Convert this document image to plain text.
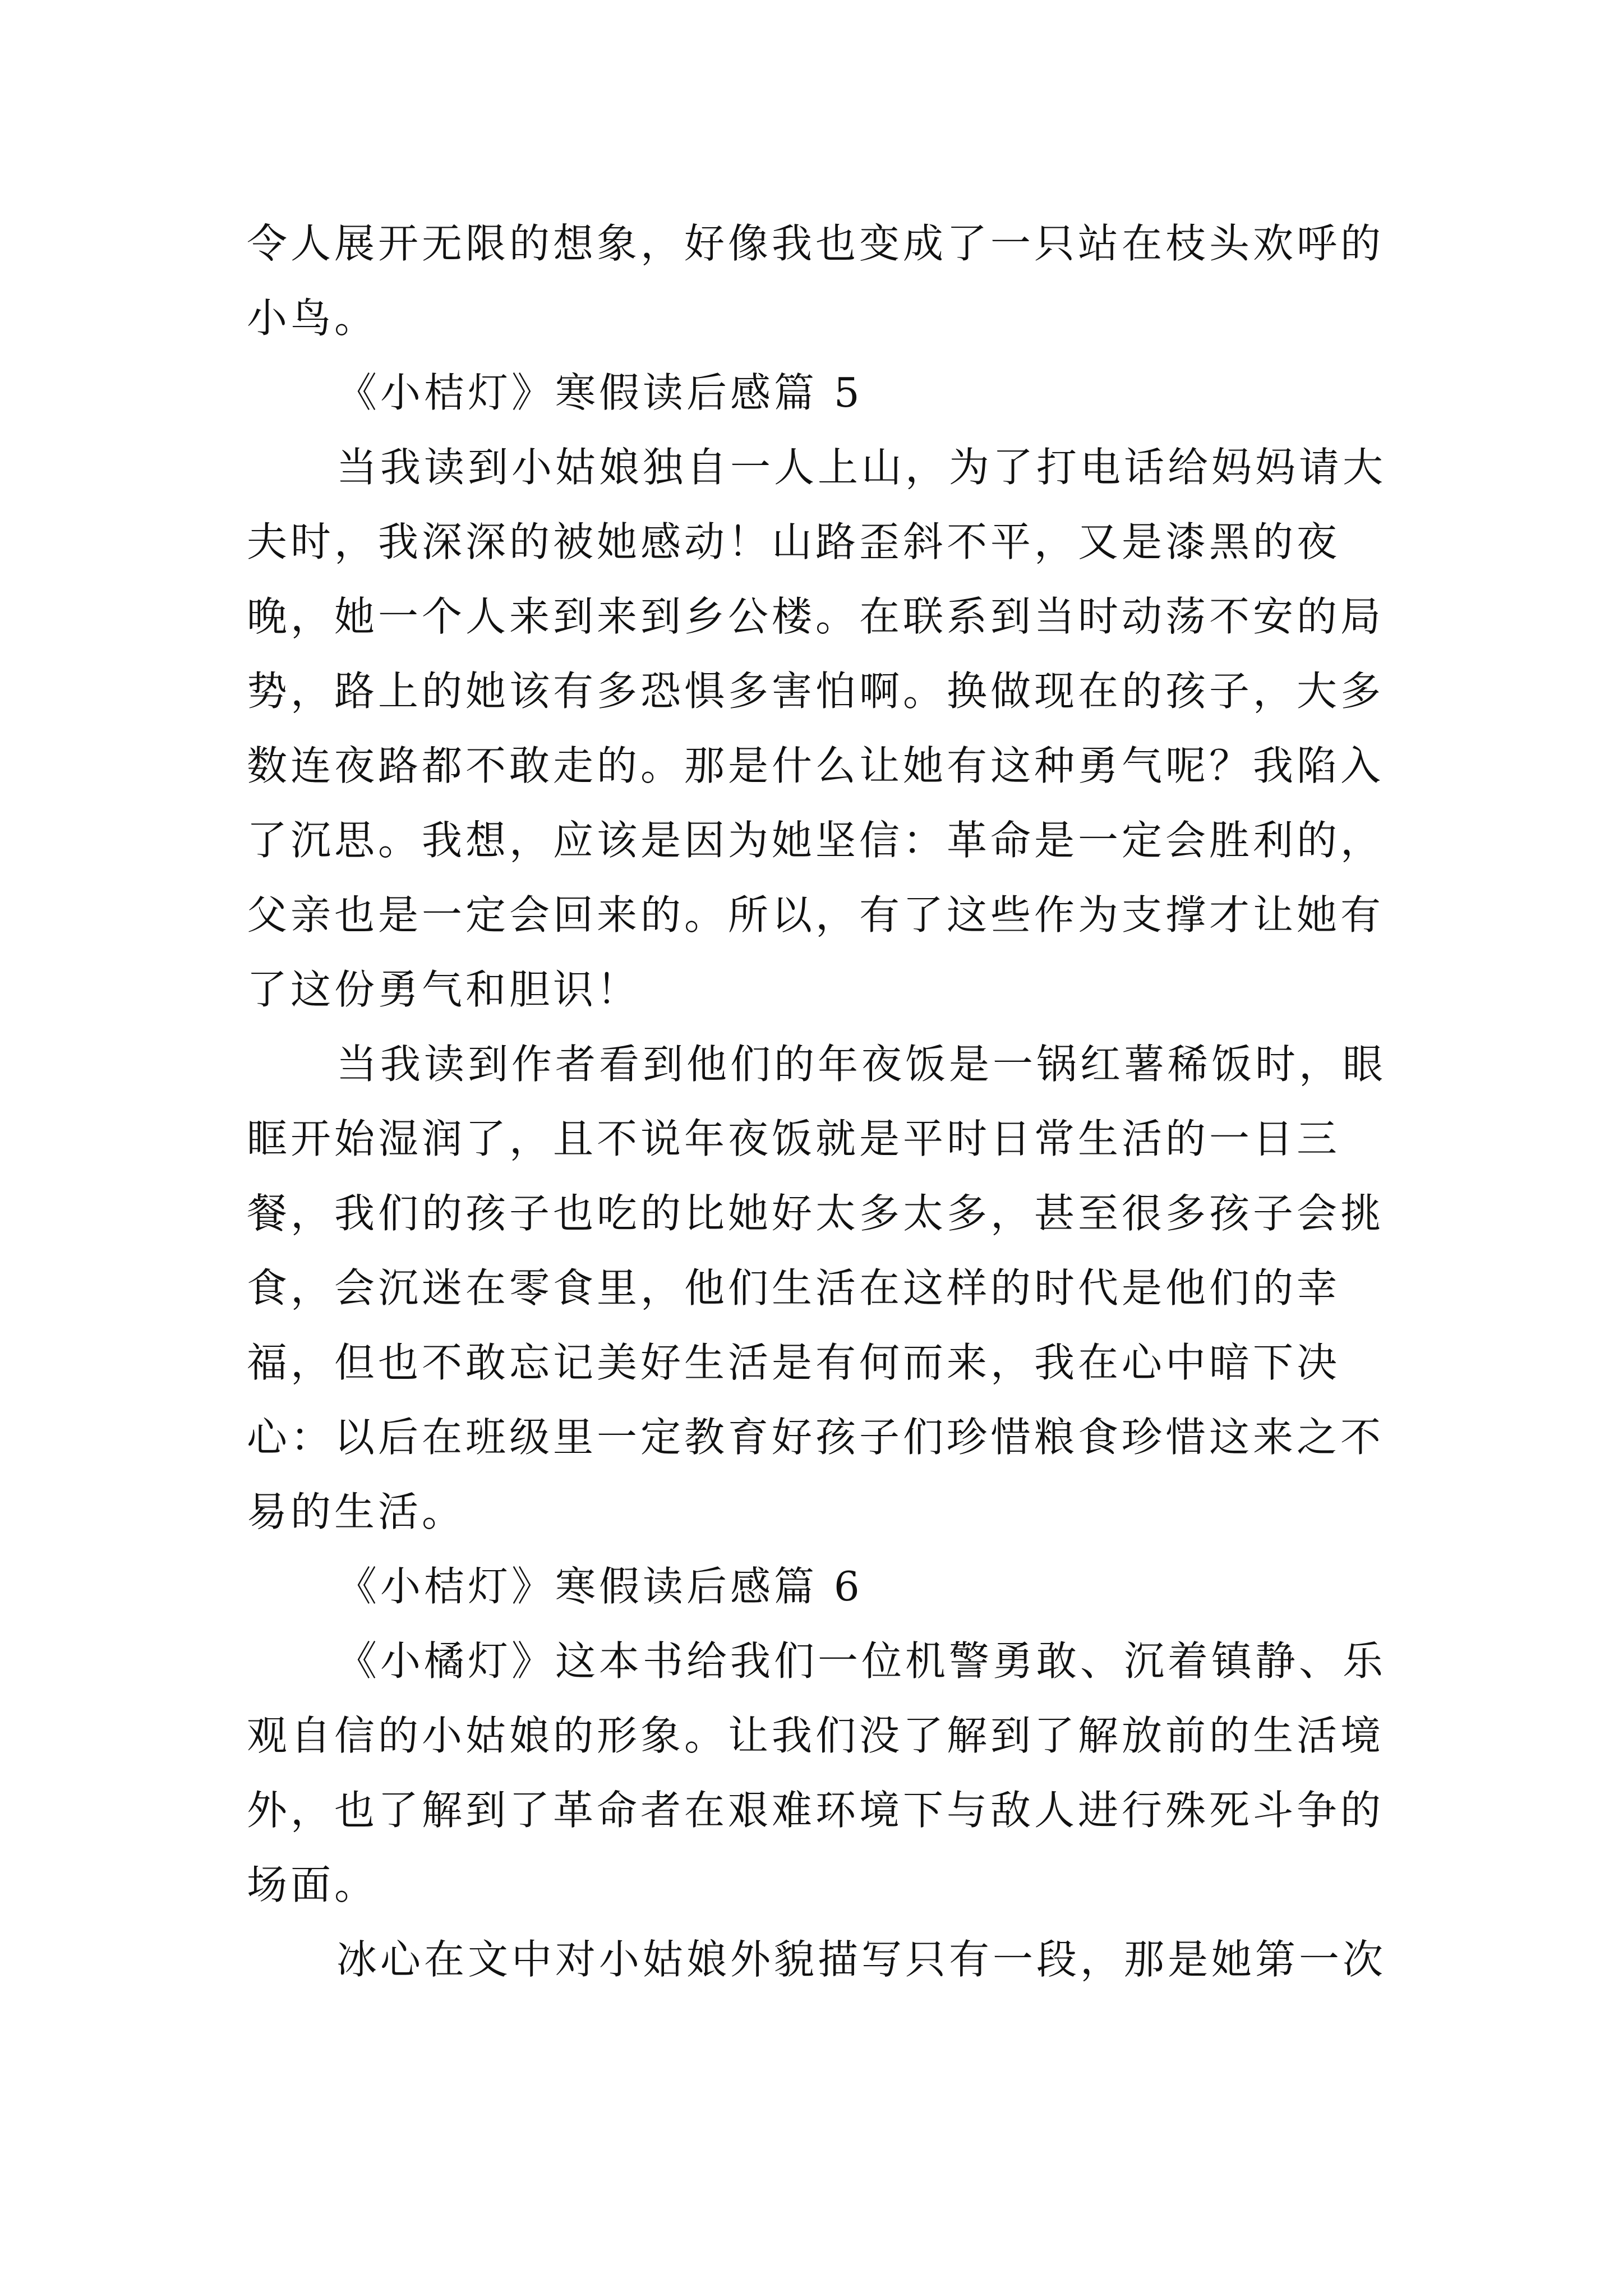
令人展开无限的想象，好像我也变成了一只站在枝头欢呼的小鸟。

《小桔灯》寒假读后感篇 5

当我读到小姑娘独自一人上山，为了打电话给妈妈请大夫时，我深深的被她感动！山路歪斜不平，又是漆黑的夜晚，她一个人来到来到乡公楼。在联系到当时动荡不安的局势，路上的她该有多恐惧多害怕啊。换做现在的孩子，大多数连夜路都不敢走的。那是什么让她有这种勇气呢？我陷入了沉思。我想，应该是因为她坚信：革命是一定会胜利的，父亲也是一定会回来的。所以，有了这些作为支撑才让她有了这份勇气和胆识！

当我读到作者看到他们的年夜饭是一锅红薯稀饭时，眼眶开始湿润了，且不说年夜饭就是平时日常生活的一日三餐，我们的孩子也吃的比她好太多太多，甚至很多孩子会挑食，会沉迷在零食里，他们生活在这样的时代是他们的幸福，但也不敢忘记美好生活是有何而来，我在心中暗下决心：以后在班级里一定教育好孩子们珍惜粮食珍惜这来之不易的生活。

《小桔灯》寒假读后感篇 6

《小橘灯》这本书给我们一位机警勇敢、沉着镇静、乐观自信的小姑娘的形象。让我们没了解到了解放前的生活境外，也了解到了革命者在艰难环境下与敌人进行殊死斗争的场面。

冰心在文中对小姑娘外貌描写只有一段，那是她第一次
